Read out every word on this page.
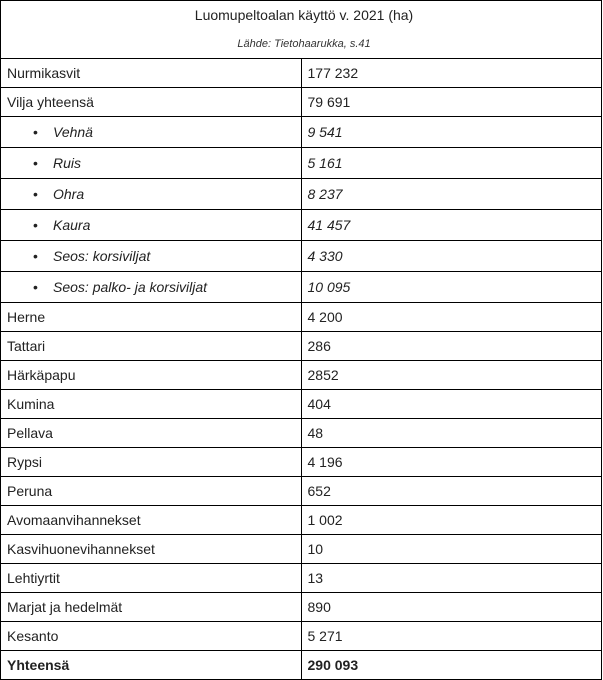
Luomupeltoalan käyttö v. 2021 (ha)
Lähde: Tietohaarukka, s.41	

Nurmikasvit	177 232
Vilja yhteensä	79 691
• Vehnä	9 541
• Ruis	5 161
• Ohra	8 237
• Kaura	41 457
• Seos: korsiviljat	4 330
• Seos: palko- ja korsiviljat	10 095
Herne	4 200
Tattari	286
Härkäpapu	2852
Kumina	404
Pellava	48
Rypsi	4 196
Peruna	652
Avomaanvihannekset	1 002
Kasvihuonevihannekset	10
Lehtiyrtit	13
Marjat ja hedelmät	890
Kesanto	5 271
Yhteensä	290 093
